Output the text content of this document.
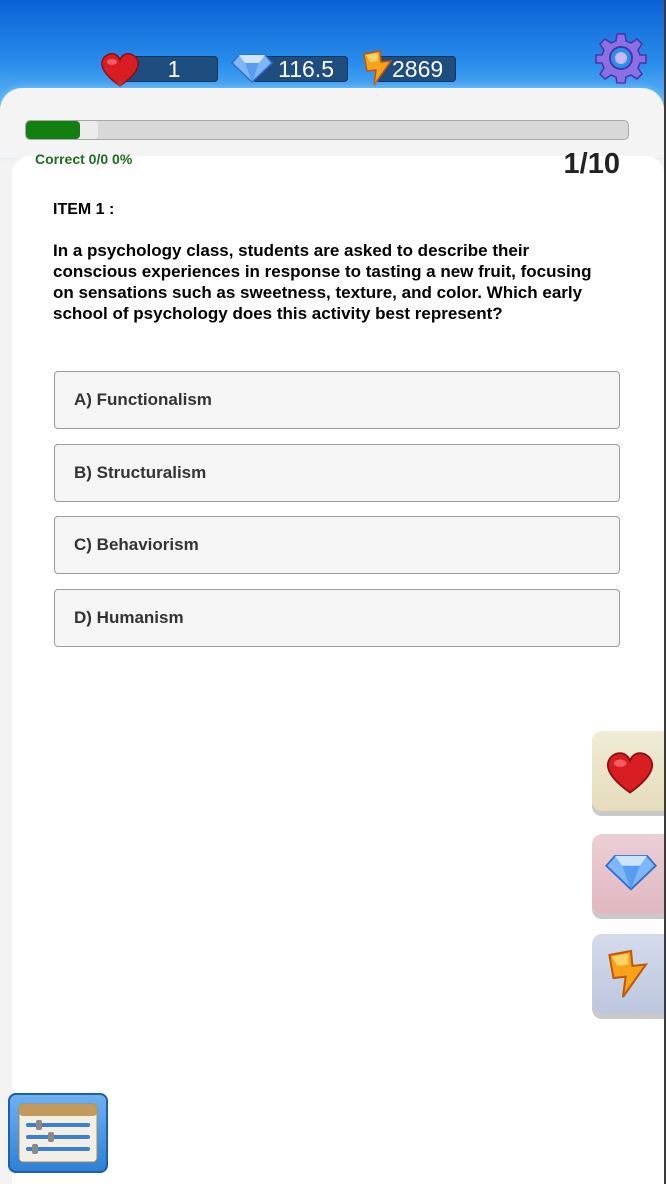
1	116.5	2869
Correct 0/0 0%	1/10
ITEM 1 :
In a psychology class, students are asked to describe their conscious experiences in response to tasting a new fruit, focusing on sensations such as sweetness, texture, and color. Which early school of psychology does this activity best represent?
A) Functionalism
B) Structuralism
C) Behaviorism
D) Humanism
